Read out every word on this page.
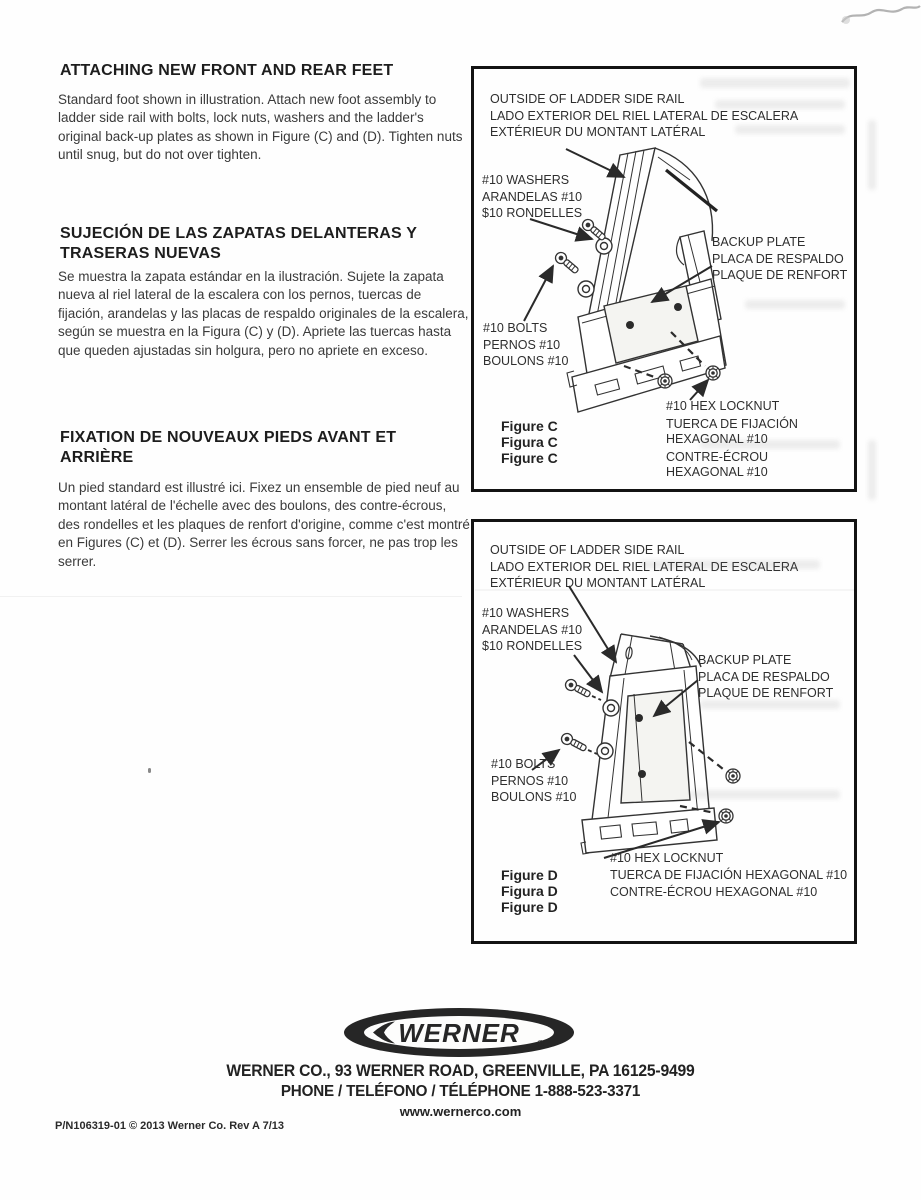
ATTACHING NEW FRONT AND REAR FEET
Standard foot shown in illustration. Attach new foot assembly to ladder side rail with bolts, lock nuts, washers and the ladder's original back-up plates as shown in Figure (C) and (D). Tighten nuts until snug, but do not over tighten.
SUJECIÓN DE LAS ZAPATAS DELANTERAS Y TRASERAS NUEVAS
Se muestra la zapata estándar en la ilustración. Sujete la zapata nueva al riel lateral de la escalera con los pernos, tuercas de fijación, arandelas y las placas de respaldo originales de la escalera, según se muestra en la Figura (C) y (D). Apriete las tuercas hasta que queden ajustadas sin holgura, pero no apriete en exceso.
FIXATION DE NOUVEAUX PIEDS AVANT ET ARRIÈRE
Un pied standard est illustré ici. Fixez un ensemble de pied neuf au montant latéral de l'échelle avec des boulons, des contre-écrous, des rondelles et les plaques de renfort d'origine, comme c'est montré en Figures (C) et (D). Serrer les écrous sans forcer, ne pas trop les serrer.
OUTSIDE OF LADDER SIDE RAIL
LADO EXTERIOR DEL RIEL LATERAL DE ESCALERA
EXTÉRIEUR DU MONTANT LATÉRAL
#10 WASHERS
ARANDELAS #10
$10 RONDELLES
BACKUP PLATE
PLACA DE RESPALDO
PLAQUE DE RENFORT
#10 BOLTS
PERNOS #10
BOULONS #10
Figure C
Figura C
Figure C
#10 HEX LOCKNUT
TUERCA DE FIJACIÓN HEXAGONAL #10
CONTRE-ÉCROU HEXAGONAL #10
OUTSIDE OF LADDER SIDE RAIL
LADO EXTERIOR DEL RIEL LATERAL DE ESCALERA
EXTÉRIEUR DU MONTANT LATÉRAL
#10 WASHERS
ARANDELAS #10
$10 RONDELLES
BACKUP PLATE
PLACA DE RESPALDO
PLAQUE DE RENFORT
#10 BOLTS
PERNOS #10
BOULONS #10
Figure D
Figura D
Figure D
#10 HEX LOCKNUT
TUERCA DE FIJACIÓN HEXAGONAL #10
CONTRE-ÉCROU HEXAGONAL #10
WERNER ®
WERNER CO., 93 WERNER ROAD, GREENVILLE, PA 16125-9499
PHONE / TELÉFONO / TÉLÉPHONE 1-888-523-3371
www.wernerco.com
P/N106319-01 © 2013 Werner Co. Rev A 7/13
